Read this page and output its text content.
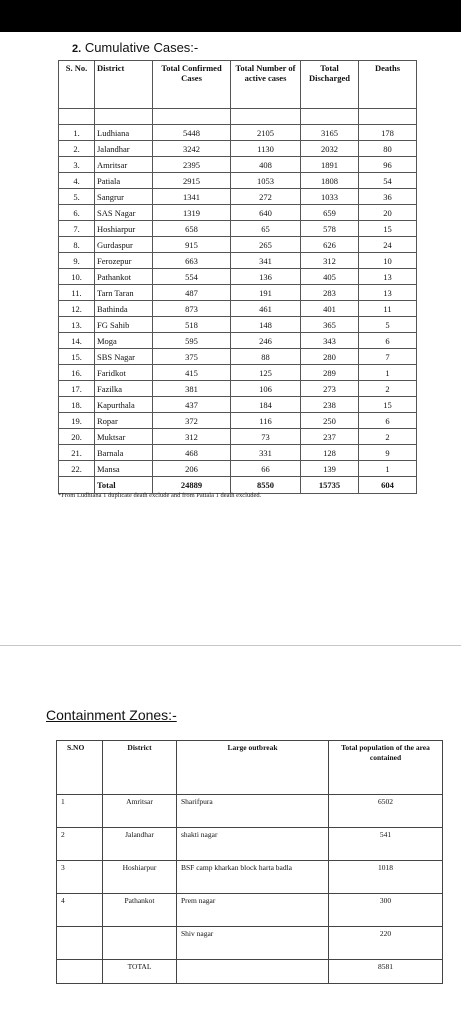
2. Cumulative Cases:-
S. No.	District	Total Confirmed Cases	Total Number of active cases	Total Discharged	Deaths

1.	Ludhiana	5448	2105	3165	178
2.	Jalandhar	3242	1130	2032	80
3.	Amritsar	2395	408	1891	96
4.	Patiala	2915	1053	1808	54
5.	Sangrur	1341	272	1033	36
6.	SAS Nagar	1319	640	659	20
7.	Hoshiarpur	658	65	578	15
8.	Gurdaspur	915	265	626	24
9.	Ferozepur	663	341	312	10
10.	Pathankot	554	136	405	13
11.	Tarn Taran	487	191	283	13
12.	Bathinda	873	461	401	11
13.	FG Sahib	518	148	365	5
14.	Moga	595	246	343	6
15.	SBS Nagar	375	88	280	7
16.	Faridkot	415	125	289	1
17.	Fazilka	381	106	273	2
18.	Kapurthala	437	184	238	15
19.	Ropar	372	116	250	6
20.	Muktsar	312	73	237	2
21.	Barnala	468	331	128	9
22.	Mansa	206	66	139	1
	Total	24889	8550	15735	604
*From Ludhiana 1 duplicate death exclude and from Patiala 1 death excluded.
Containment Zones:-
S.NO	District	Large outbreak	Total population of the area contained
1	Amritsar	Sharifpura	6502
2	Jalandhar	shakti nagar	541
3	Hoshiarpur	BSF camp kharkan block harta badla	1018
4	Pathankot	Prem nagar	300
		Shiv nagar	220
	TOTAL		8581
